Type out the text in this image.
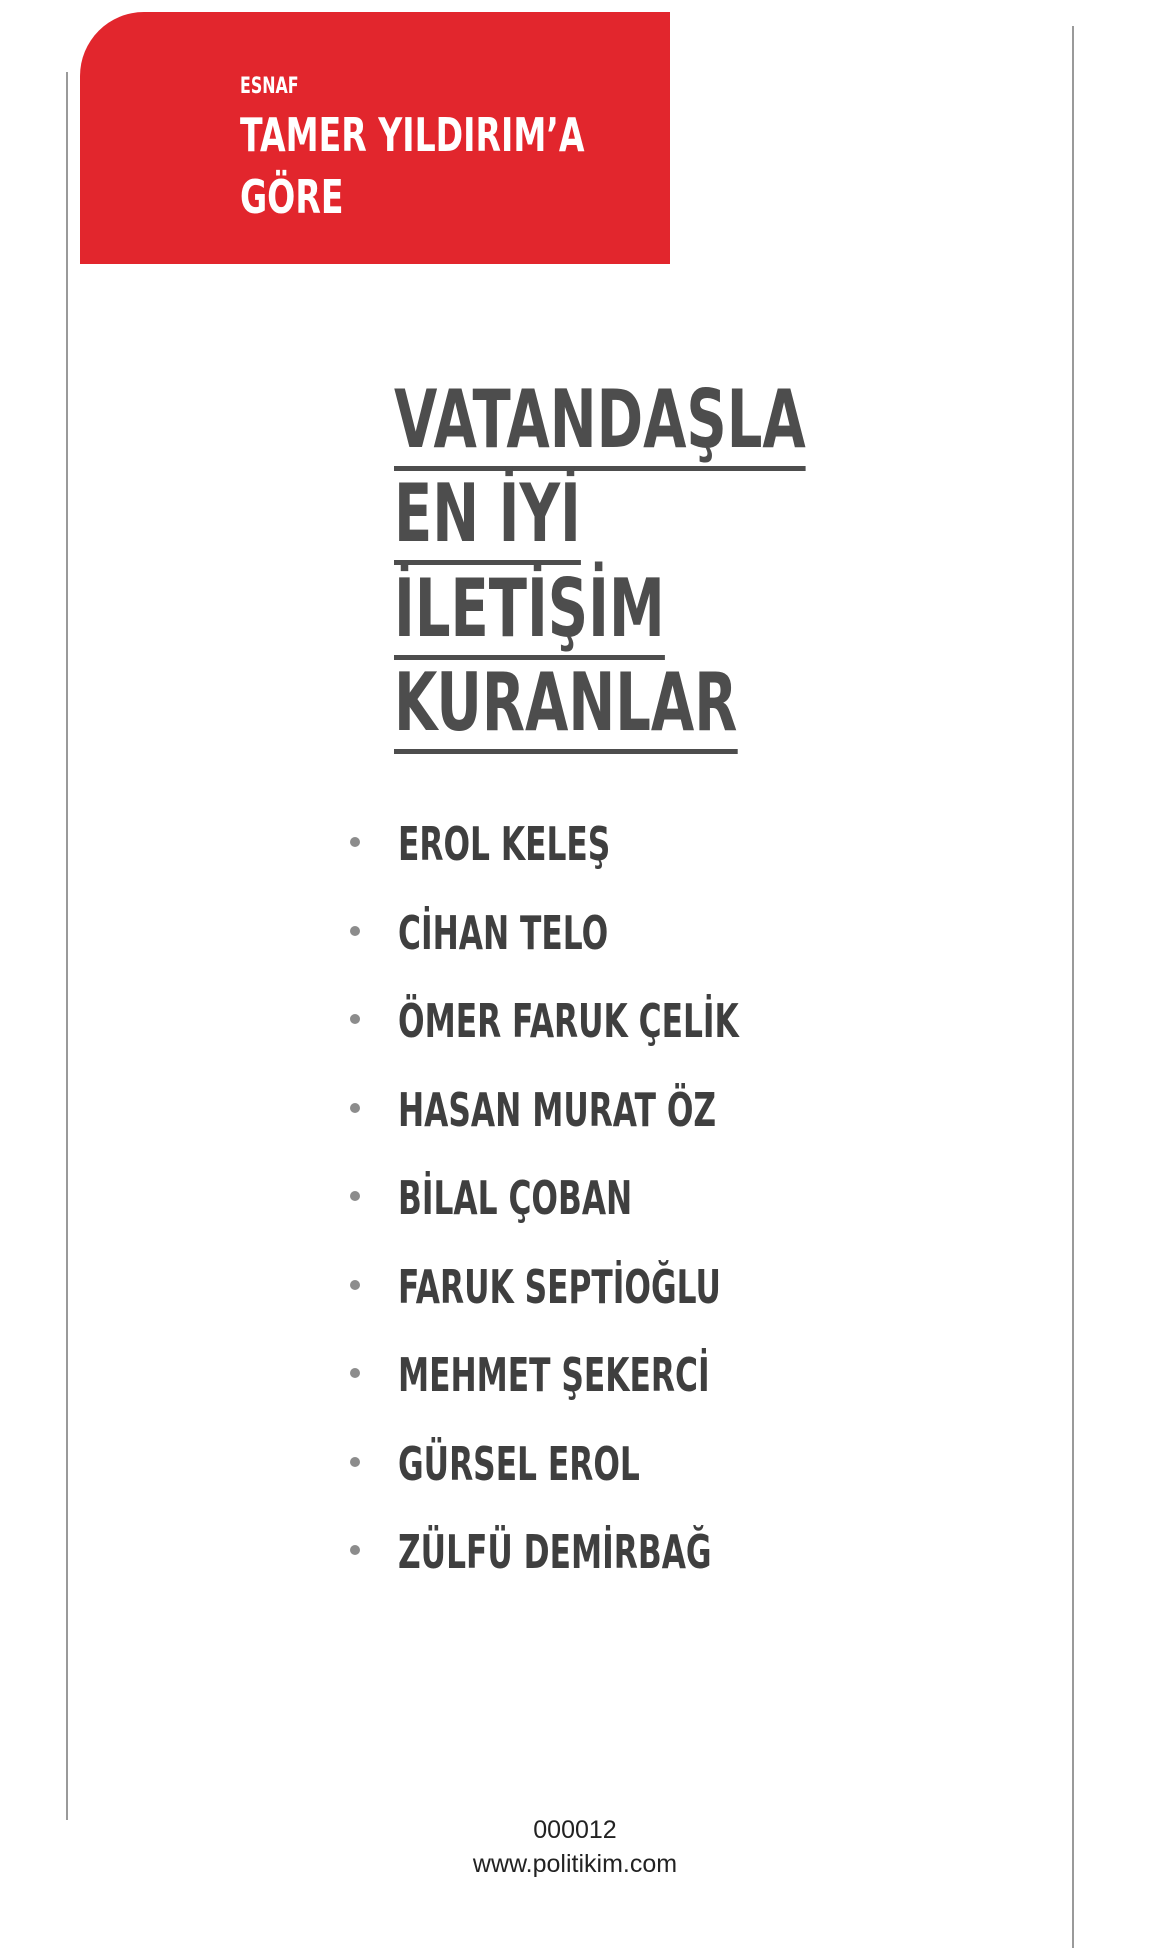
ESNAF
TAMER YILDIRIM’A GÖRE
VATANDAŞLA
EN İYİ
İLETİŞİM
KURANLAR
EROL KELEŞ
CİHAN TELO
ÖMER FARUK ÇELİK
HASAN MURAT ÖZ
BİLAL ÇOBAN
FARUK SEPTİOĞLU
MEHMET ŞEKERCİ
GÜRSEL EROL
ZÜLFÜ DEMİRBAĞ
000012
www.politikim.com
